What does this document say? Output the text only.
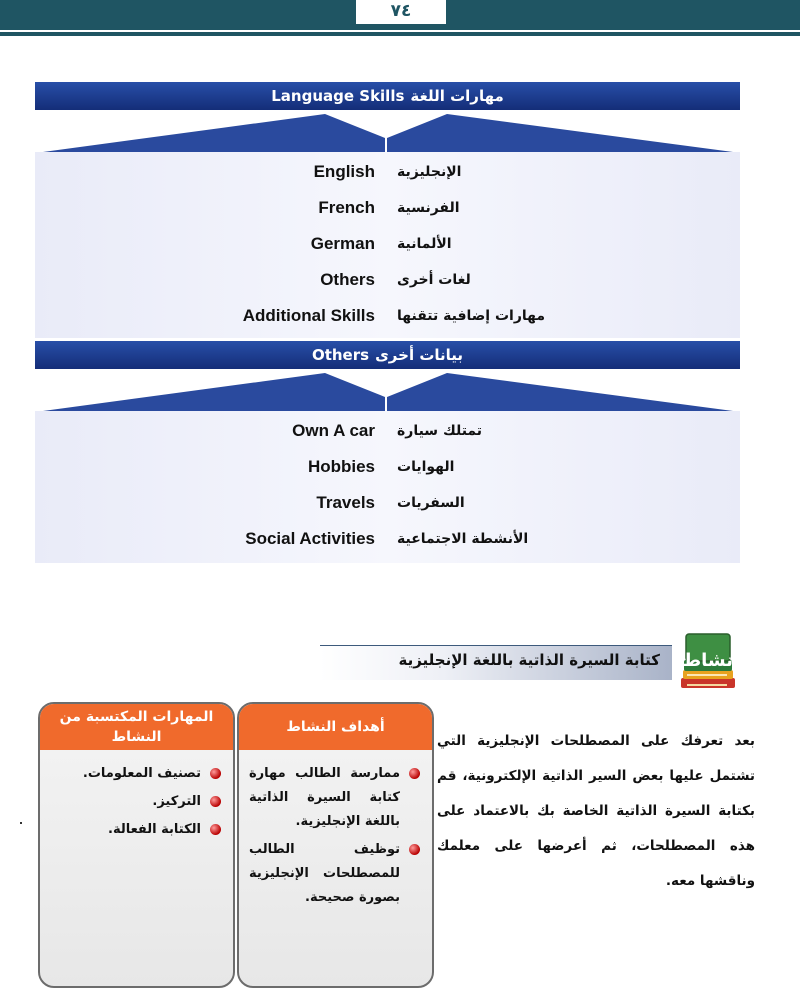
٧٤
Language Skills مهارات اللغة
English الإنجليزية
French الفرنسية
German الألمانية
Others لغات أخرى
Additional Skills مهارات إضافية تتقنها
Others بيانات أخرى
Own A car تمتلك سيارة
Hobbies الهوايات
Travels السفريات
Social Activities الأنشطة الاجتماعية
كتابة السيرة الذاتية باللغة الإنجليزية نشاط
المهارات المكتسبة من النشاط
تصنيف المعلومات.
التركيز.
الكتابة الفعالة.
أهداف النشاط
ممارسة الطالب مهارة كتابة السيرة الذاتية باللغة الإنجليزية.
توظيف الطالب للمصطلحات الإنجليزية بصورة صحيحة.
بعد تعرفك على المصطلحات الإنجليزية التي تشتمل عليها بعض السير الذاتية الإلكترونية، قم بكتابة السيرة الذاتية الخاصة بك بالاعتماد على هذه المصطلحات، ثم أعرضها على معلمك وناقشها معه.
